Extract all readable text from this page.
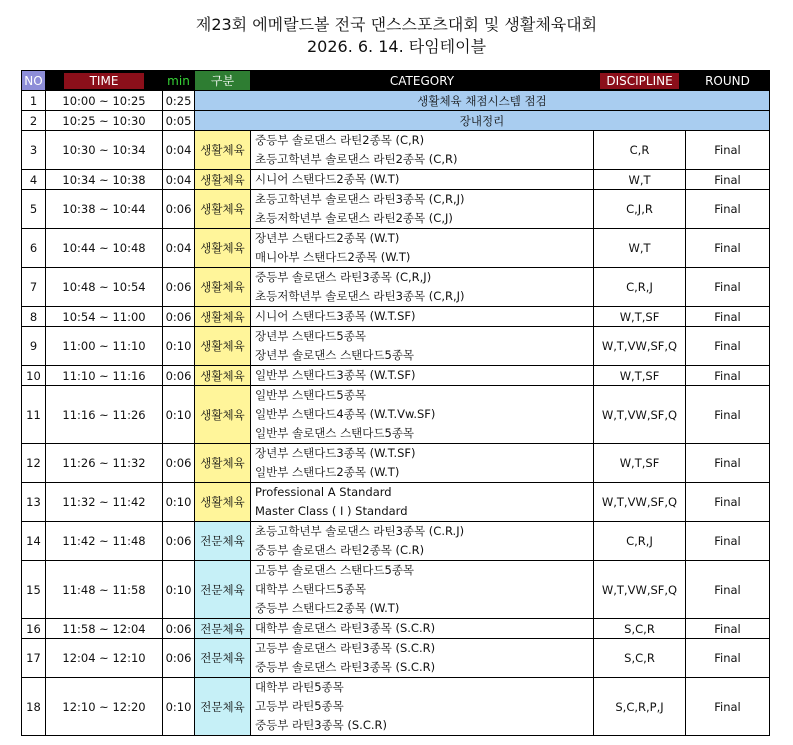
제23회 에메랄드볼 전국 댄스스포츠대회 및 생활체육대회
2026. 6. 14. 타임테이블
NO	TIME	min	구분	CATEGORY	DISCIPLINE	ROUND
1	10:00 ~ 10:25	0:25	생활체육 채점시스템 점검			
2	10:25 ~ 10:30	0:05	장내정리			
3	10:30 ~ 10:34	0:04	생활체육	중등부 솔로댄스 라틴2종목 (C,R)
초등고학년부 솔로댄스 라틴2종목 (C,R)	C,R	Final
4	10:34 ~ 10:38	0:04	생활체육	시니어 스탠다드2종목 (W.T)	W,T	Final
5	10:38 ~ 10:44	0:06	생활체육	초등고학년부 솔로댄스 라틴3종목 (C,R,J)
초등저학년부 솔로댄스 라틴2종목 (C,J)	C,J,R	Final
6	10:44 ~ 10:48	0:04	생활체육	장년부 스탠다드2종목 (W.T)
매니아부 스탠다드2종목 (W.T)	W,T	Final
7	10:48 ~ 10:54	0:06	생활체육	중등부 솔로댄스 라틴3종목 (C,R,J)
초등저학년부 솔로댄스 라틴3종목 (C,R,J)	C,R,J	Final
8	10:54 ~ 11:00	0:06	생활체육	시니어 스탠다드3종목 (W.T.SF)	W,T,SF	Final
9	11:00 ~ 11:10	0:10	생활체육	장년부 스탠다드5종목
장년부 솔로댄스 스탠다드5종목	W,T,VW,SF,Q	Final
10	11:10 ~ 11:16	0:06	생활체육	일반부 스탠다드3종목 (W.T.SF)	W,T,SF	Final
11	11:16 ~ 11:26	0:10	생활체육	일반부 스탠다드5종목
일반부 스탠다드4종목 (W.T.Vw.SF)
일반부 솔로댄스 스탠다드5종목	W,T,VW,SF,Q	Final
12	11:26 ~ 11:32	0:06	생활체육	장년부 스탠다드3종목 (W.T.SF)
일반부 스탠다드2종목 (W.T)	W,T,SF	Final
13	11:32 ~ 11:42	0:10	생활체육	Professional A Standard
Master Class ( I ) Standard	W,T,VW,SF,Q	Final
14	11:42 ~ 11:48	0:06	전문체육	초등고학년부 솔로댄스 라틴3종목 (C.R.J)
중등부 솔로댄스 라틴2종목 (C.R)	C,R,J	Final
15	11:48 ~ 11:58	0:10	전문체육	고등부 솔로댄스 스탠다드5종목
대학부 스탠다드5종목
중등부 스탠다드2종목 (W.T)	W,T,VW,SF,Q	Final
16	11:58 ~ 12:04	0:06	전문체육	대학부 솔로댄스 라틴3종목 (S.C.R)	S,C,R	Final
17	12:04 ~ 12:10	0:06	전문체육	고등부 솔로댄스 라틴3종목 (S.C.R)
중등부 솔로댄스 라틴3종목 (S.C.R)	S,C,R	Final
18	12:10 ~ 12:20	0:10	전문체육	대학부 라틴5종목
고등부 라틴5종목
중등부 라틴3종목 (S.C.R)	S,C,R,P,J	Final
